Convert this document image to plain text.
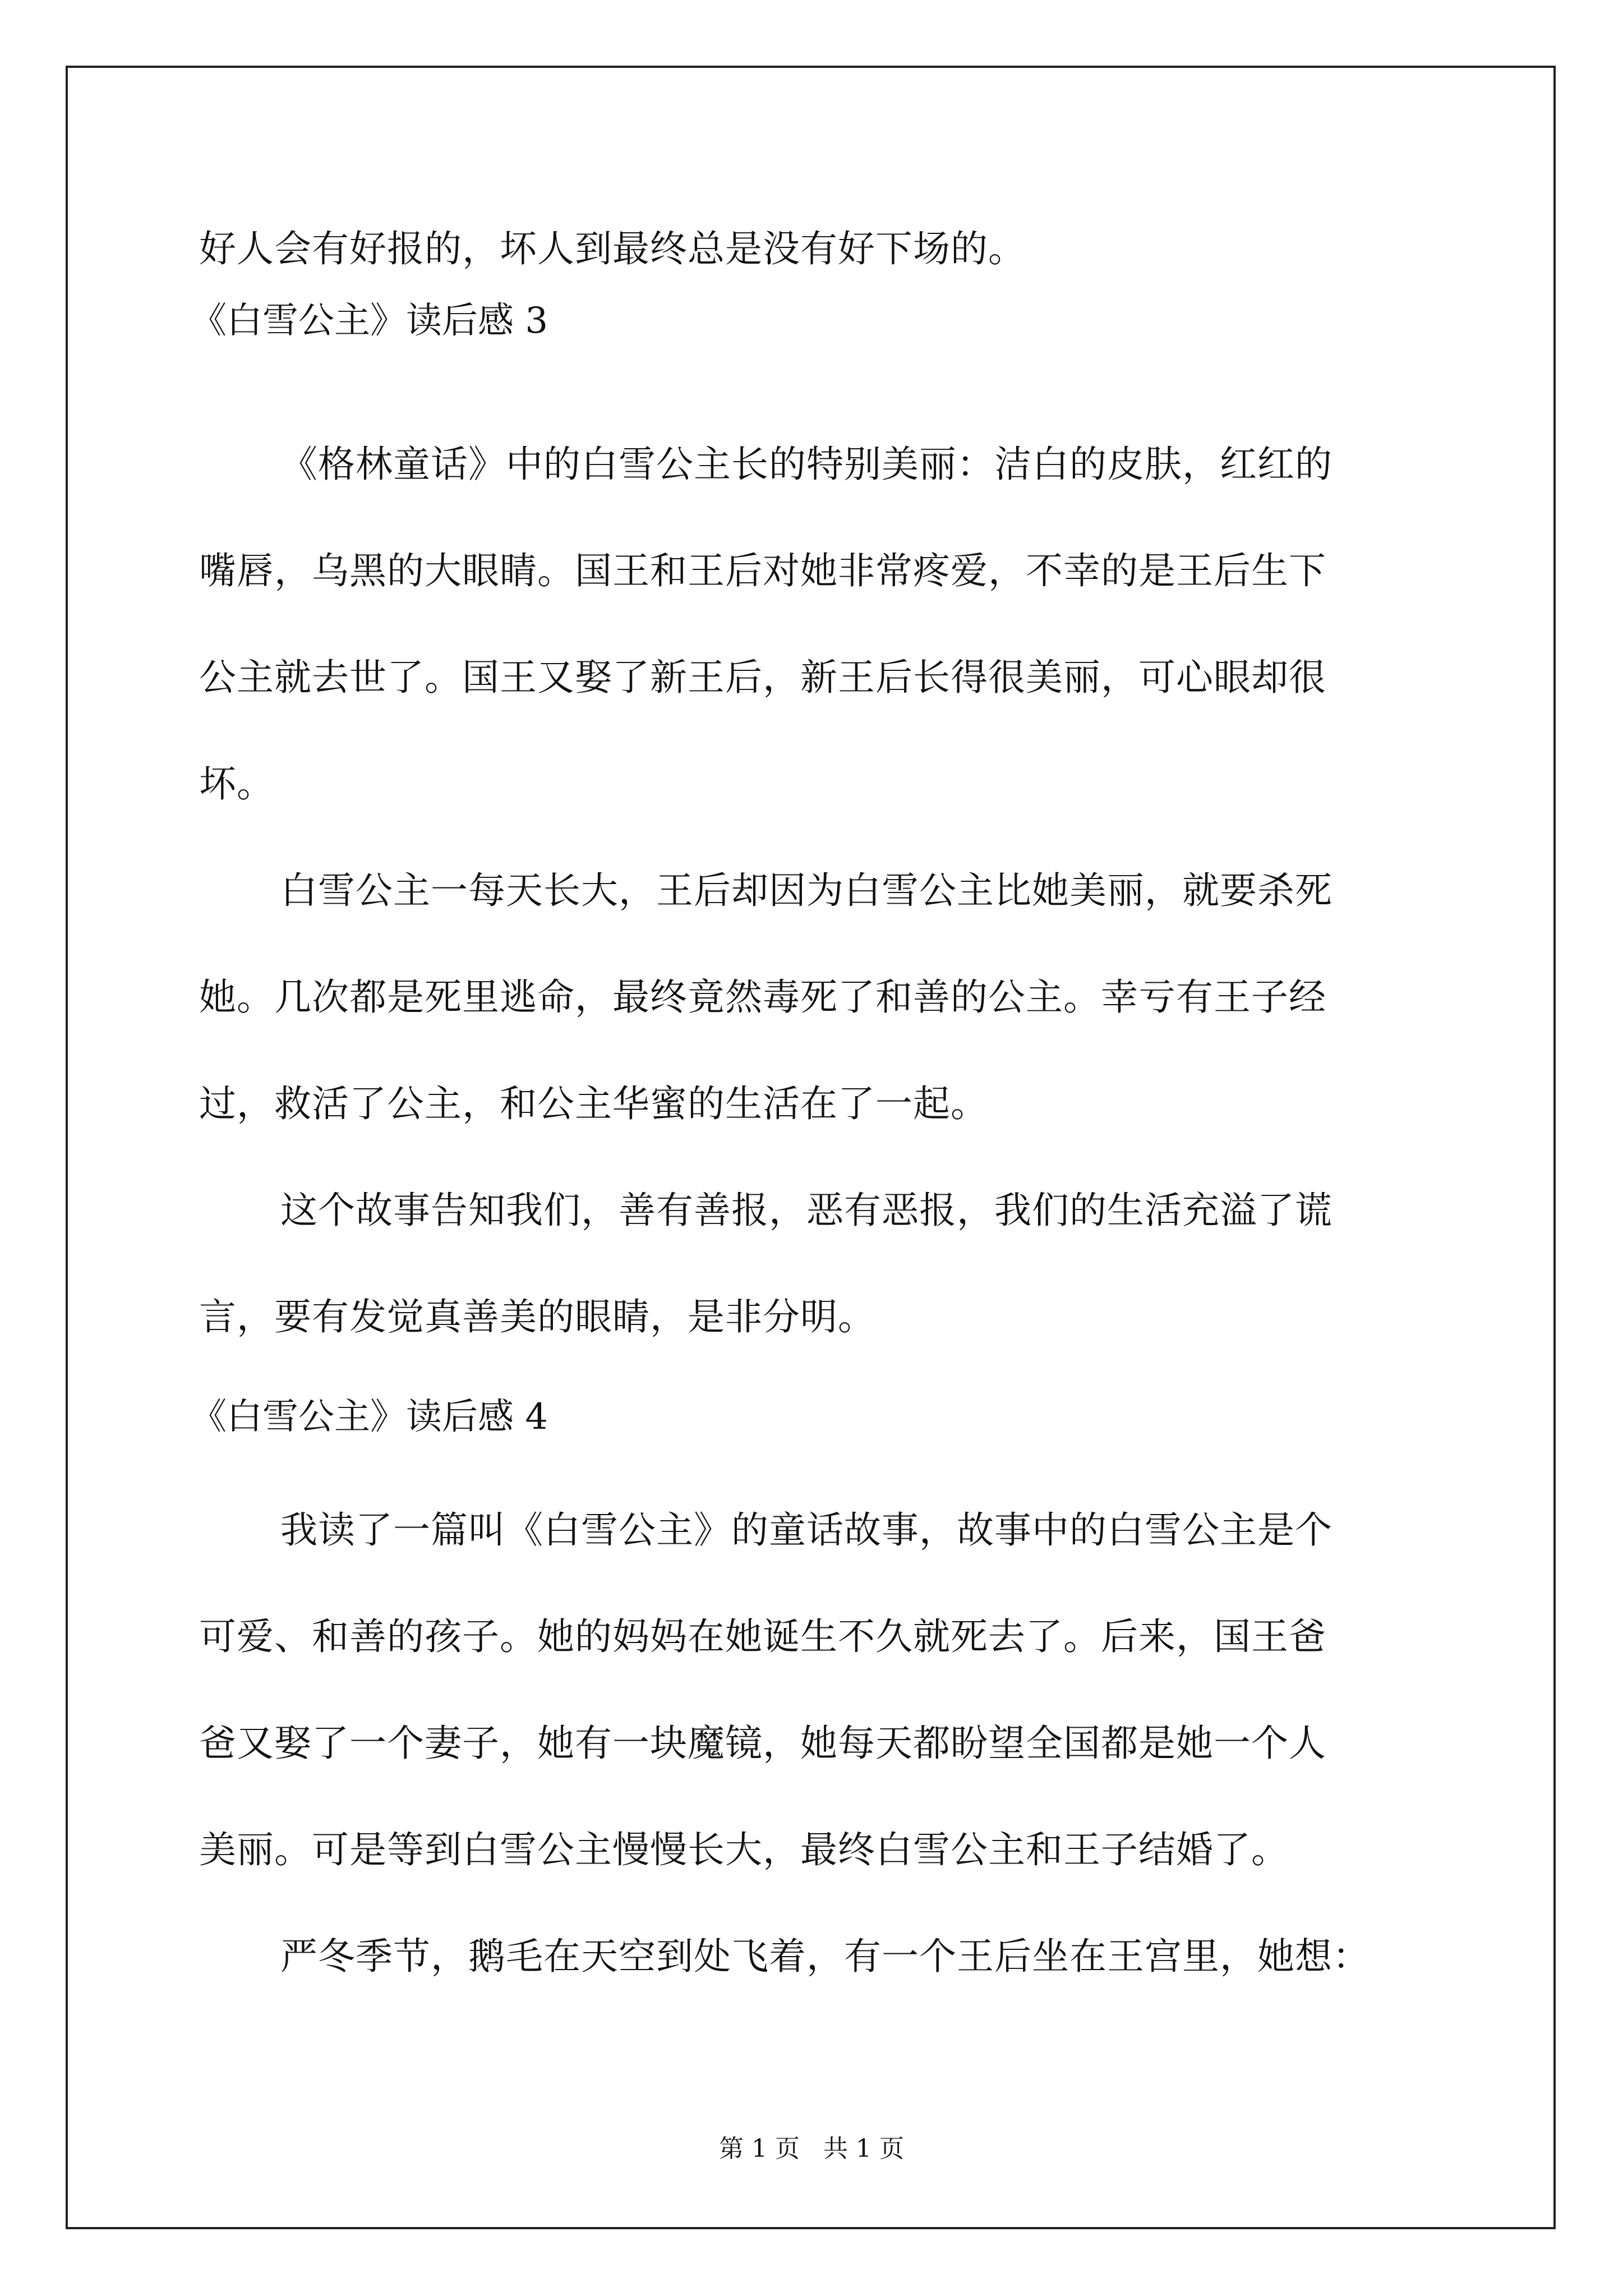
好人会有好报的，坏人到最终总是没有好下场的。

《白雪公主》读后感 3

《格林童话》中的白雪公主长的特别美丽：洁白的皮肤，红红的

嘴唇，乌黑的大眼睛。国王和王后对她非常疼爱，不幸的是王后生下

公主就去世了。国王又娶了新王后，新王后长得很美丽，可心眼却很

坏。

白雪公主一每天长大，王后却因为白雪公主比她美丽，就要杀死

她。几次都是死里逃命，最终竟然毒死了和善的公主。幸亏有王子经

过，救活了公主，和公主华蜜的生活在了一起。

这个故事告知我们，善有善报，恶有恶报，我们的生活充溢了谎

言，要有发觉真善美的眼睛，是非分明。

《白雪公主》读后感 4

我读了一篇叫《白雪公主》的童话故事，故事中的白雪公主是个

可爱、和善的孩子。她的妈妈在她诞生不久就死去了。后来，国王爸

爸又娶了一个妻子，她有一块魔镜，她每天都盼望全国都是她一个人

美丽。可是等到白雪公主慢慢长大，最终白雪公主和王子结婚了。

严冬季节，鹅毛在天空到处飞着，有一个王后坐在王宫里，她想：

第 1 页   共 1 页
